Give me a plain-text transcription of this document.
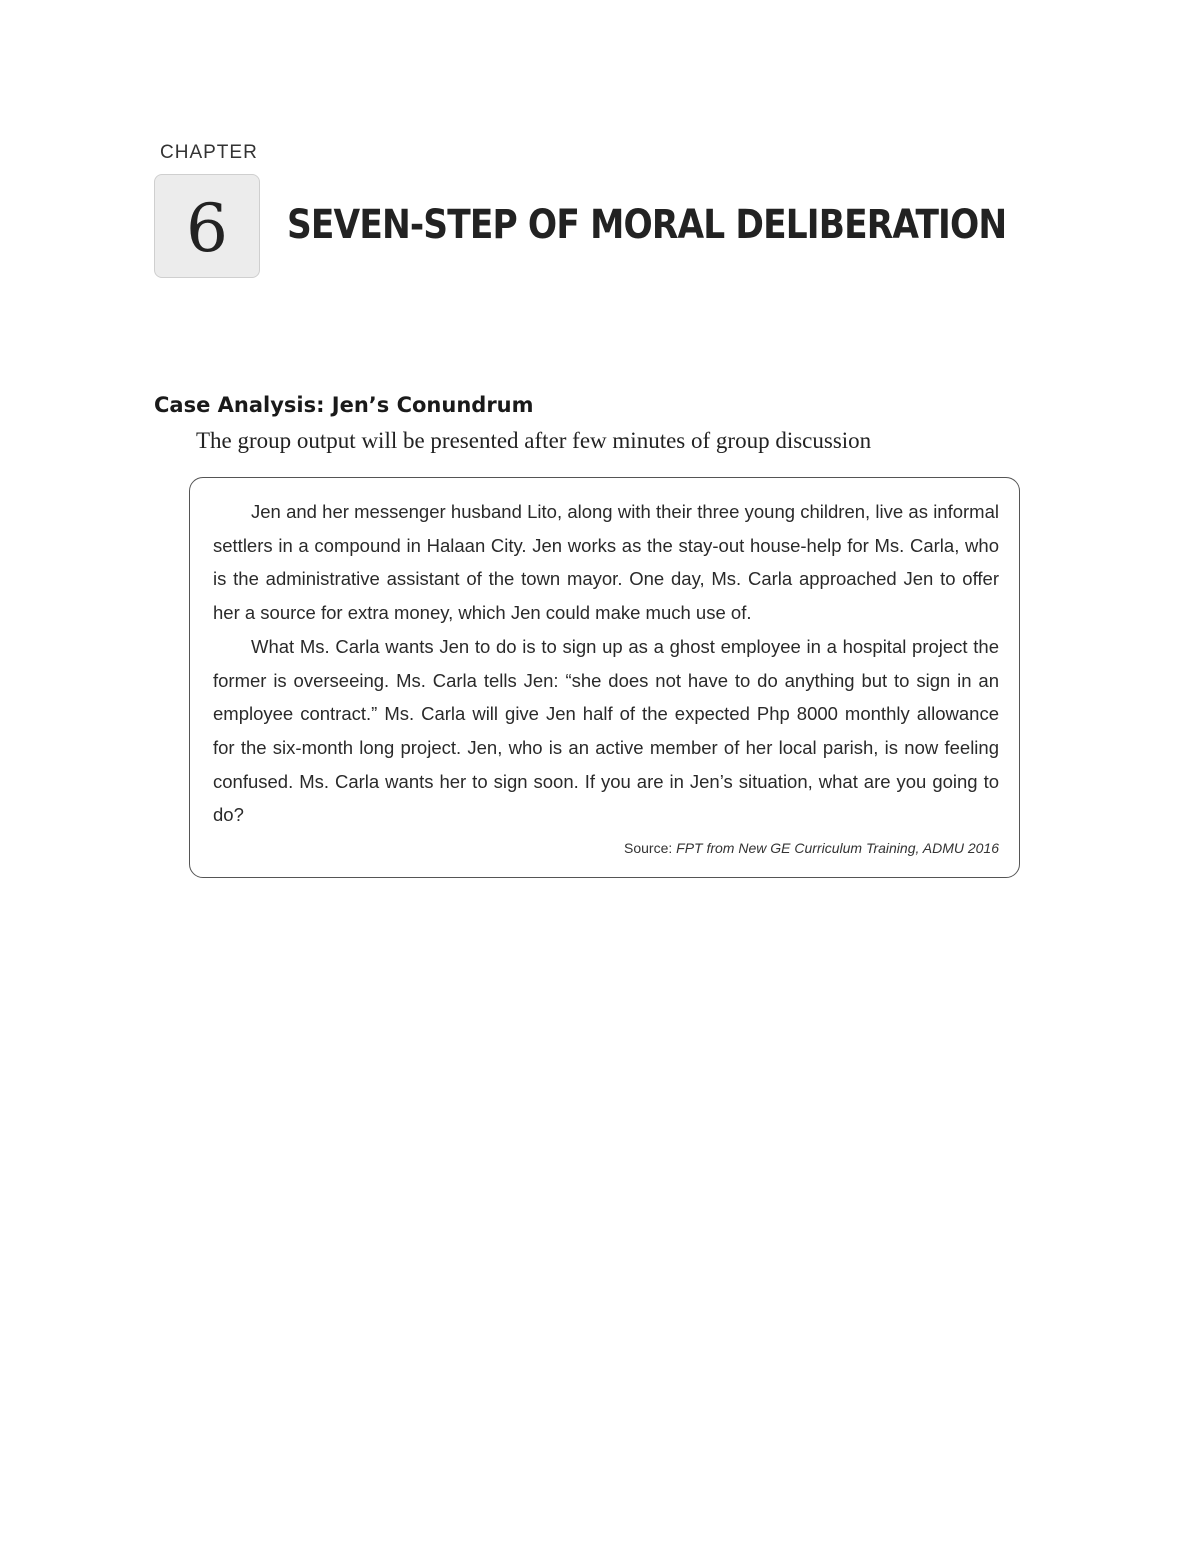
CHAPTER
6 SEVEN-STEP OF MORAL DELIBERATION
Case Analysis: Jen’s Conundrum
The group output will be presented after few minutes of group discussion

Jen and her messenger husband Lito, along with their three young children, live as informal settlers in a compound in Halaan City. Jen works as the stay-out house-help for Ms. Carla, who is the administrative assistant of the town mayor. One day, Ms. Carla approached Jen to offer her a source for extra money, which Jen could make much use of.

What Ms. Carla wants Jen to do is to sign up as a ghost employee in a hospital project the former is overseeing. Ms. Carla tells Jen: “she does not have to do anything but to sign in an employee contract.” Ms. Carla will give Jen half of the expected Php 8000 monthly allowance for the six-month long project. Jen, who is an active member of her local parish, is now feeling confused. Ms. Carla wants her to sign soon. If you are in Jen’s situation, what are you going to do?

Source: FPT from New GE Curriculum Training, ADMU 2016
